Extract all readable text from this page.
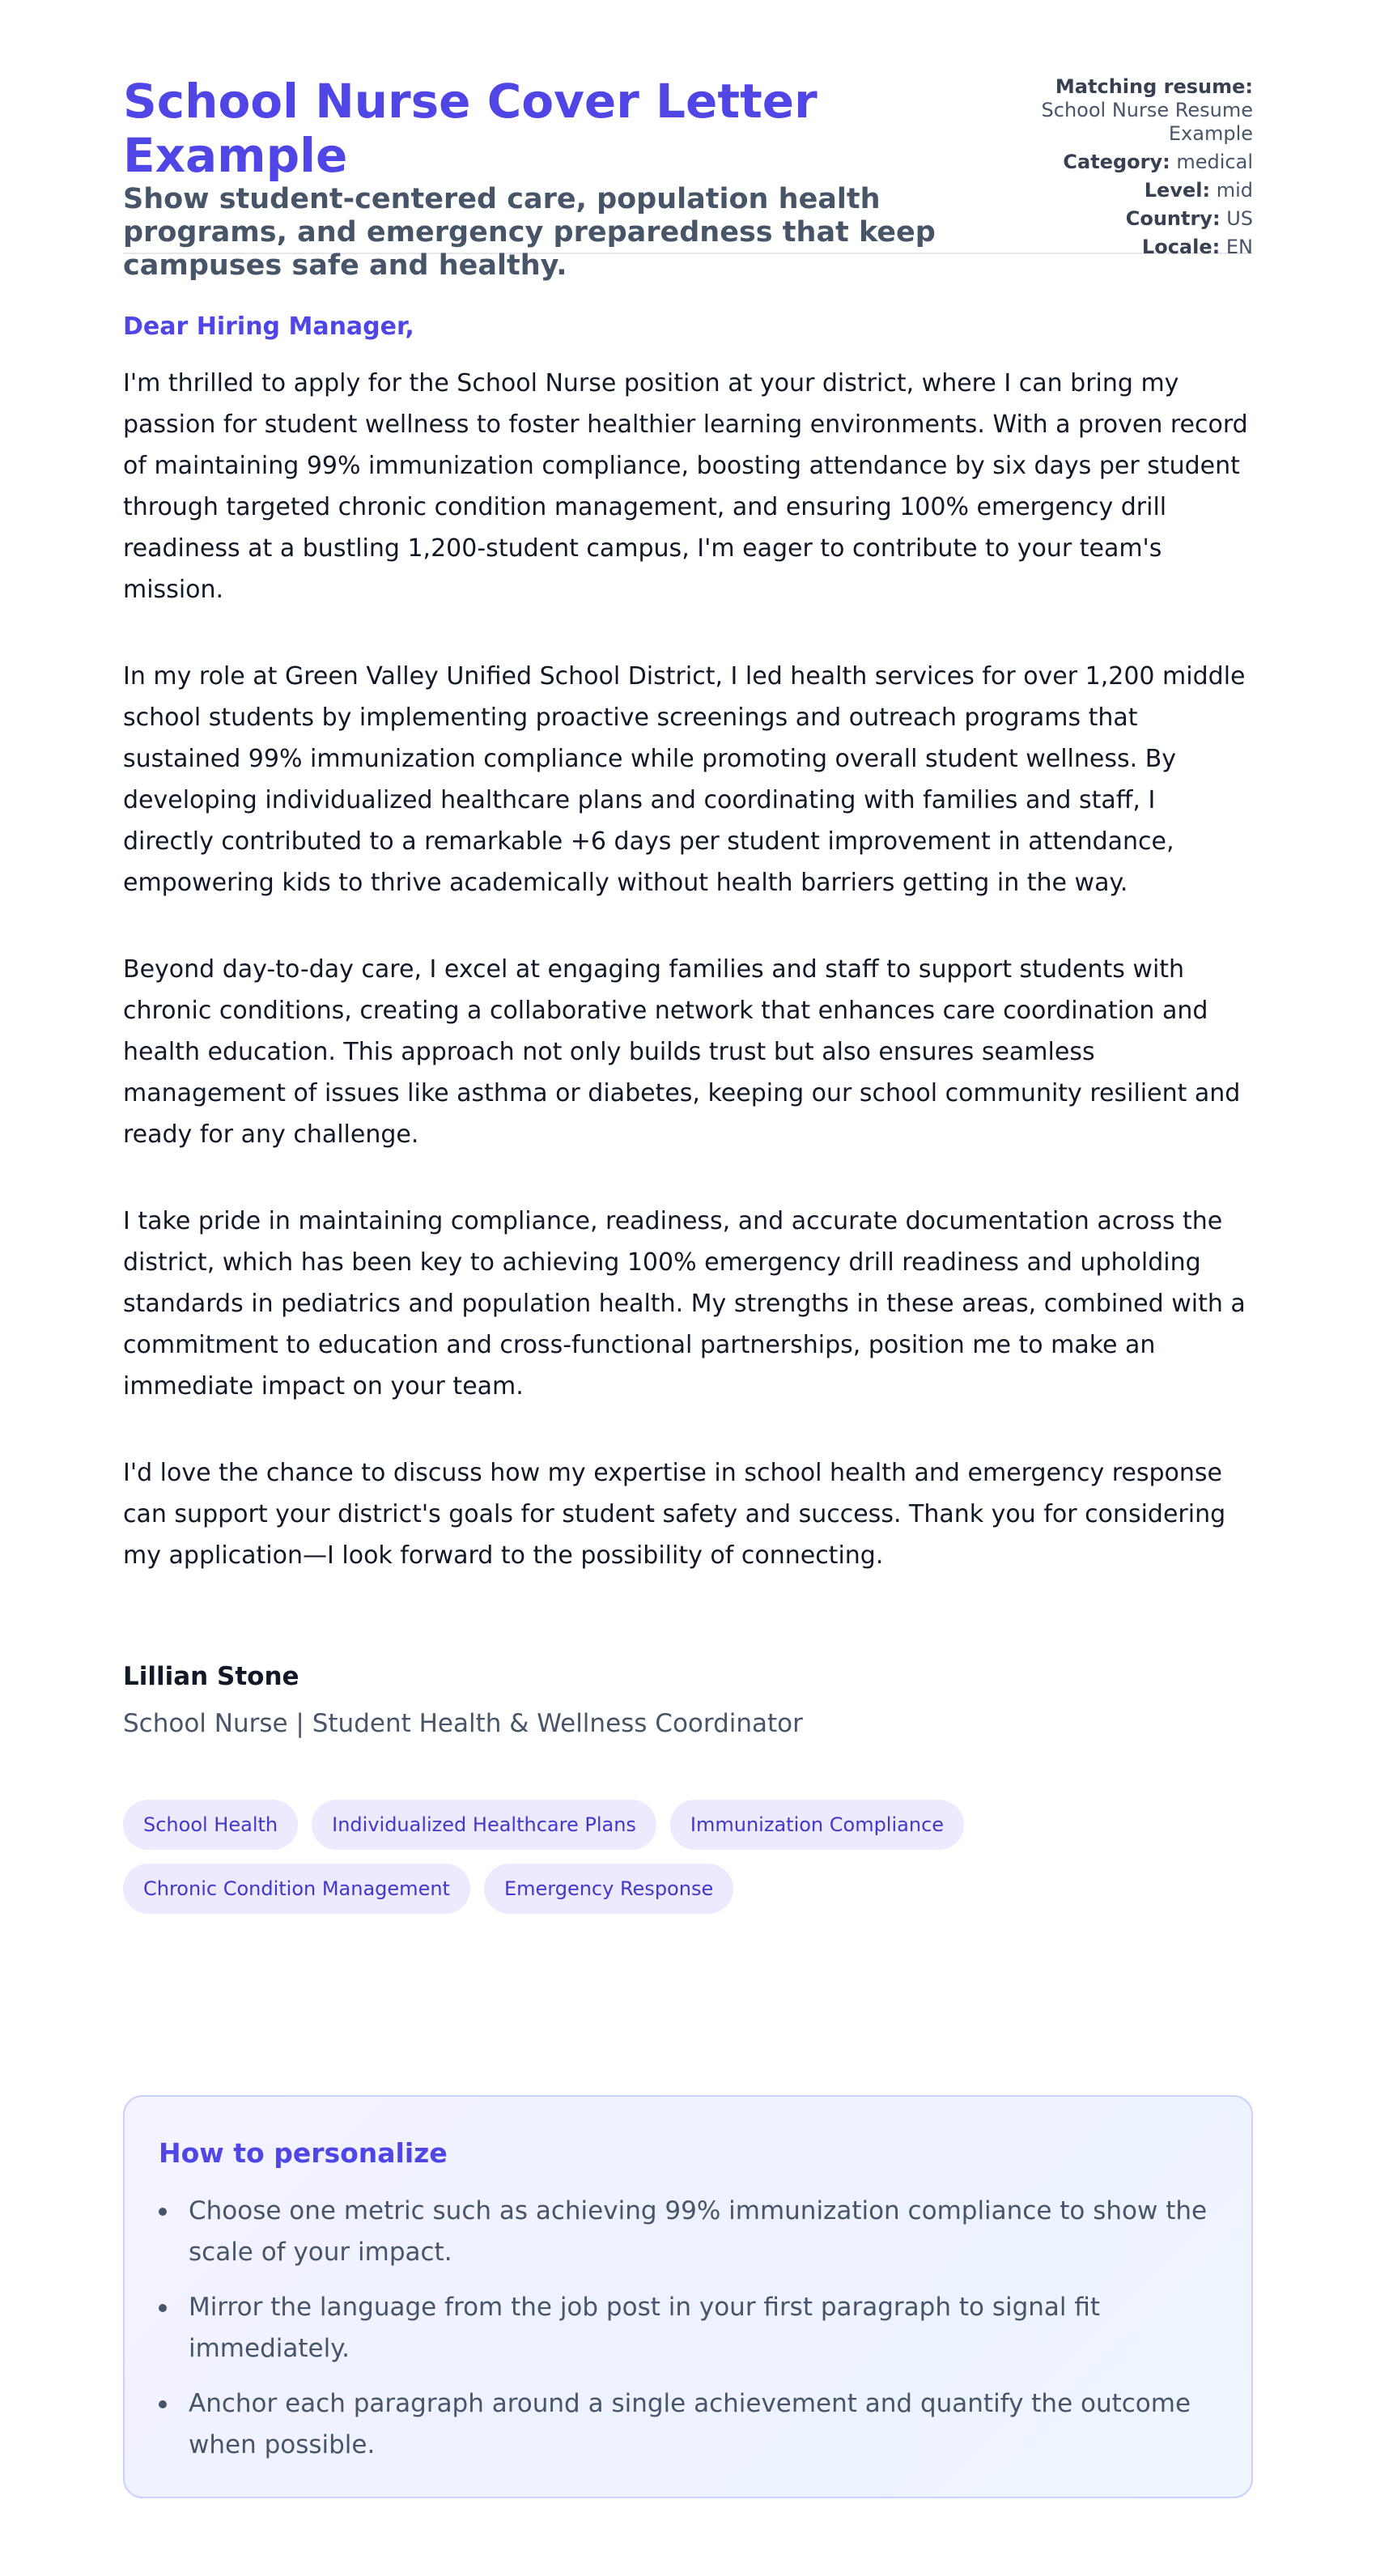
School Nurse Cover Letter Example
Show student-centered care, population health programs, and emergency preparedness that keep campuses safe and healthy.
Matching resume:
School Nurse Resume Example
Category: medical
Level: mid
Country: US
Locale: EN

Dear Hiring Manager,

I'm thrilled to apply for the School Nurse position at your district, where I can bring my passion for student wellness to foster healthier learning environments. With a proven record of maintaining 99% immunization compliance, boosting attendance by six days per student through targeted chronic condition management, and ensuring 100% emergency drill readiness at a bustling 1,200-student campus, I'm eager to contribute to your team's mission.

In my role at Green Valley Unified School District, I led health services for over 1,200 middle school students by implementing proactive screenings and outreach programs that sustained 99% immunization compliance while promoting overall student wellness. By developing individualized healthcare plans and coordinating with families and staff, I directly contributed to a remarkable +6 days per student improvement in attendance, empowering kids to thrive academically without health barriers getting in the way.

Beyond day-to-day care, I excel at engaging families and staff to support students with chronic conditions, creating a collaborative network that enhances care coordination and health education. This approach not only builds trust but also ensures seamless management of issues like asthma or diabetes, keeping our school community resilient and ready for any challenge.

I take pride in maintaining compliance, readiness, and accurate documentation across the district, which has been key to achieving 100% emergency drill readiness and upholding standards in pediatrics and population health. My strengths in these areas, combined with a commitment to education and cross-functional partnerships, position me to make an immediate impact on your team.

I'd love the chance to discuss how my expertise in school health and emergency response can support your district's goals for student safety and success. Thank you for considering my application—I look forward to the possibility of connecting.

Lillian Stone
School Nurse | Student Health & Wellness Coordinator
School Health	Individualized Healthcare Plans	Immunization Compliance
Chronic Condition Management	Emergency Response
How to personalize
Choose one metric such as achieving 99% immunization compliance to show the scale of your impact.
Mirror the language from the job post in your first paragraph to signal fit immediately.
Anchor each paragraph around a single achievement and quantify the outcome when possible.
